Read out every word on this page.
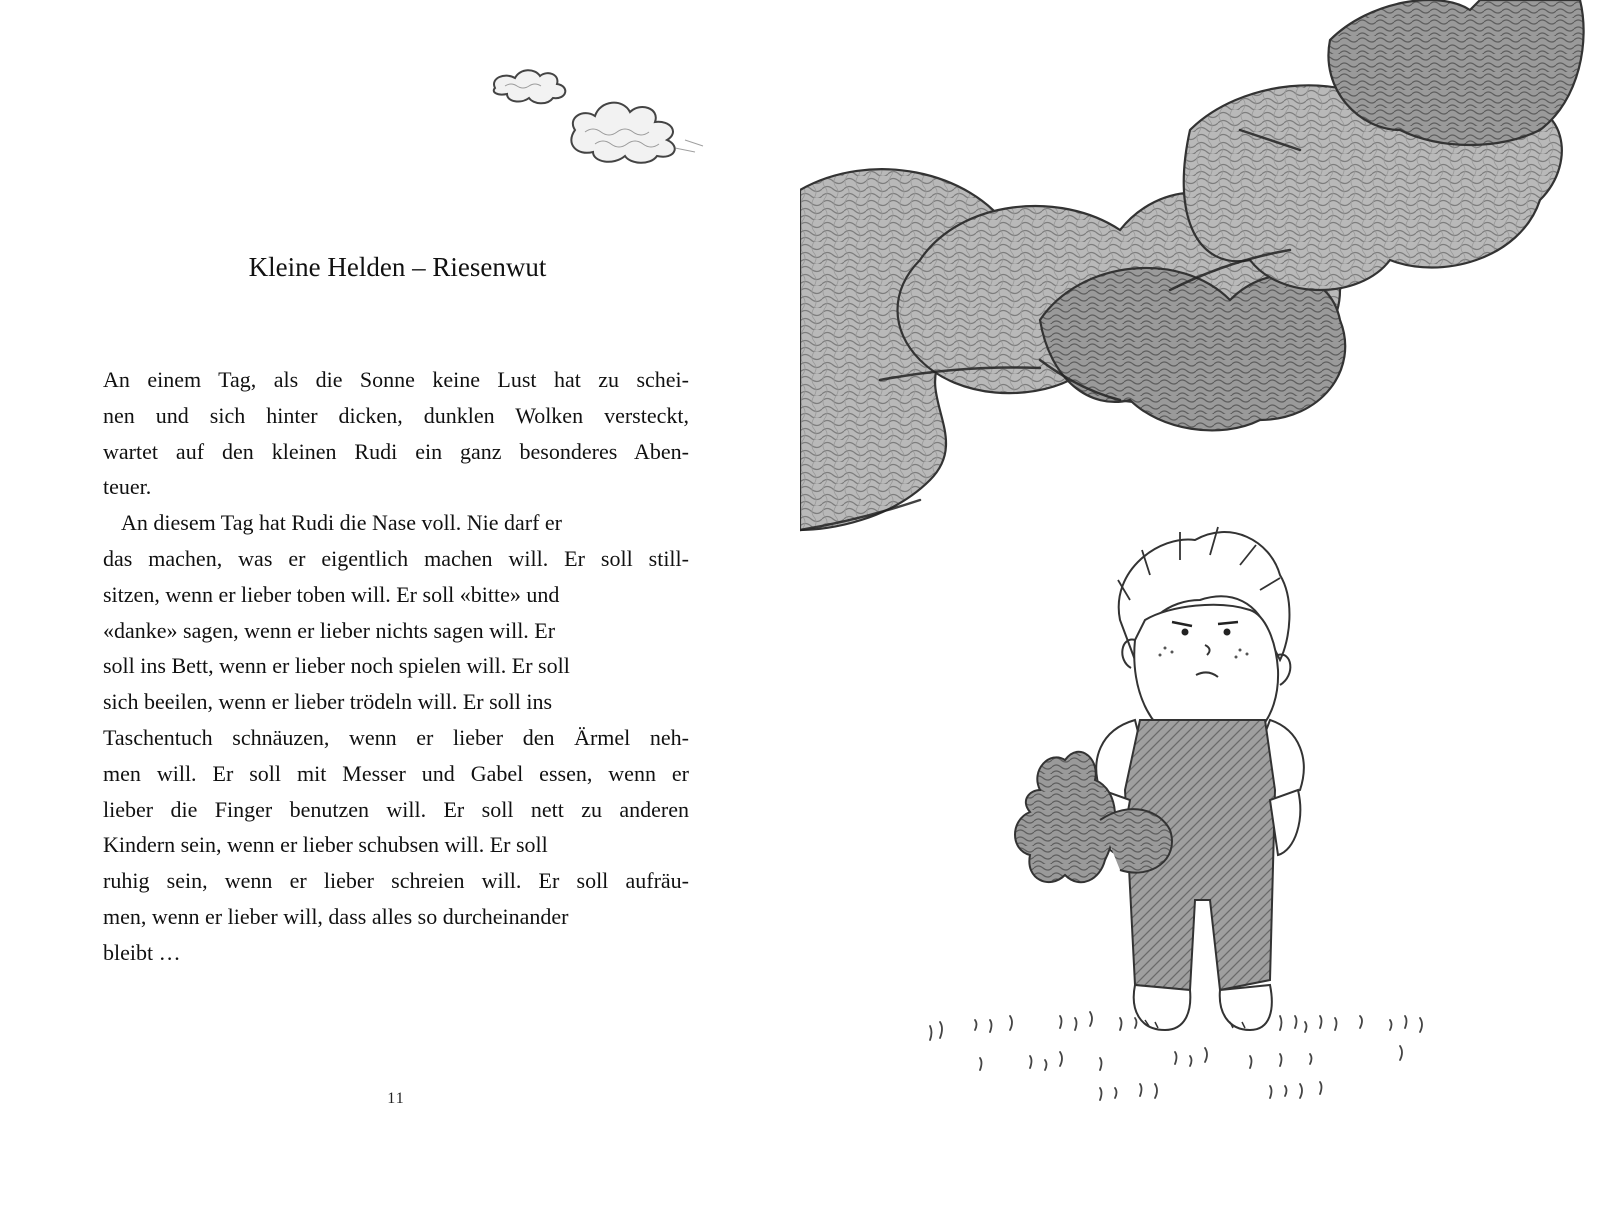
Kleine Helden – Riesenwut
An einem Tag, als die Sonne keine Lust hat zu schei-
nen und sich hinter dicken, dunklen Wolken versteckt,
wartet auf den kleinen Rudi ein ganz besonderes Aben-
teuer.
An diesem Tag hat Rudi die Nase voll. Nie darf er
das machen, was er eigentlich machen will. Er soll still-
sitzen, wenn er lieber toben will. Er soll «bitte» und
«danke» sagen, wenn er lieber nichts sagen will. Er
soll ins Bett, wenn er lieber noch spielen will. Er soll
sich beeilen, wenn er lieber trödeln will. Er soll ins
Taschentuch schnäuzen, wenn er lieber den Ärmel neh-
men will. Er soll mit Messer und Gabel essen, wenn er
lieber die Finger benutzen will. Er soll nett zu anderen
Kindern sein, wenn er lieber schubsen will. Er soll
ruhig sein, wenn er lieber schreien will. Er soll aufräu-
men, wenn er lieber will, dass alles so durcheinander
bleibt …
11
